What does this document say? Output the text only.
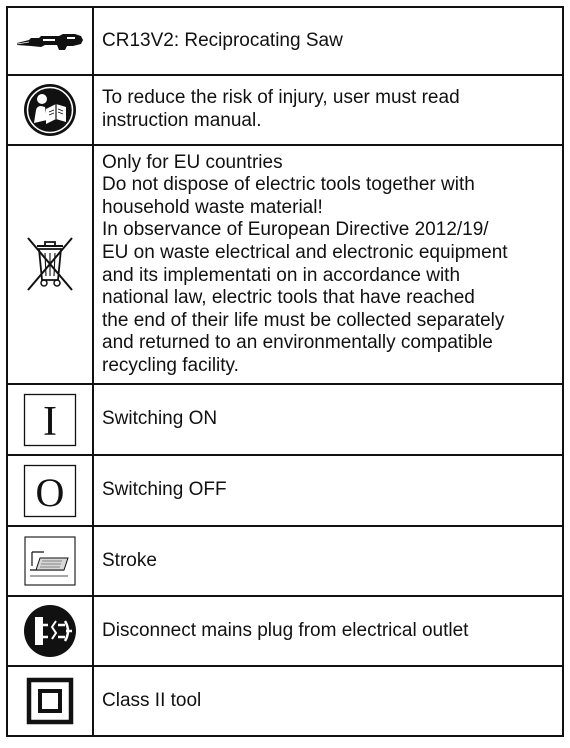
CR13V2: Reciprocating Saw
To reduce the risk of injury, user must read
instruction manual.
Only for EU countries
Do not dispose of electric tools together with
household waste material!
In observance of European Directive 2012/19/
EU on waste electrical and electronic equipment
and its implementati on in accordance with
national law, electric tools that have reached
the end of their life must be collected separately
and returned to an environmentally compatible
recycling facility.
I Switching ON
O Switching OFF
Stroke
Disconnect mains plug from electrical outlet
Class II tool
